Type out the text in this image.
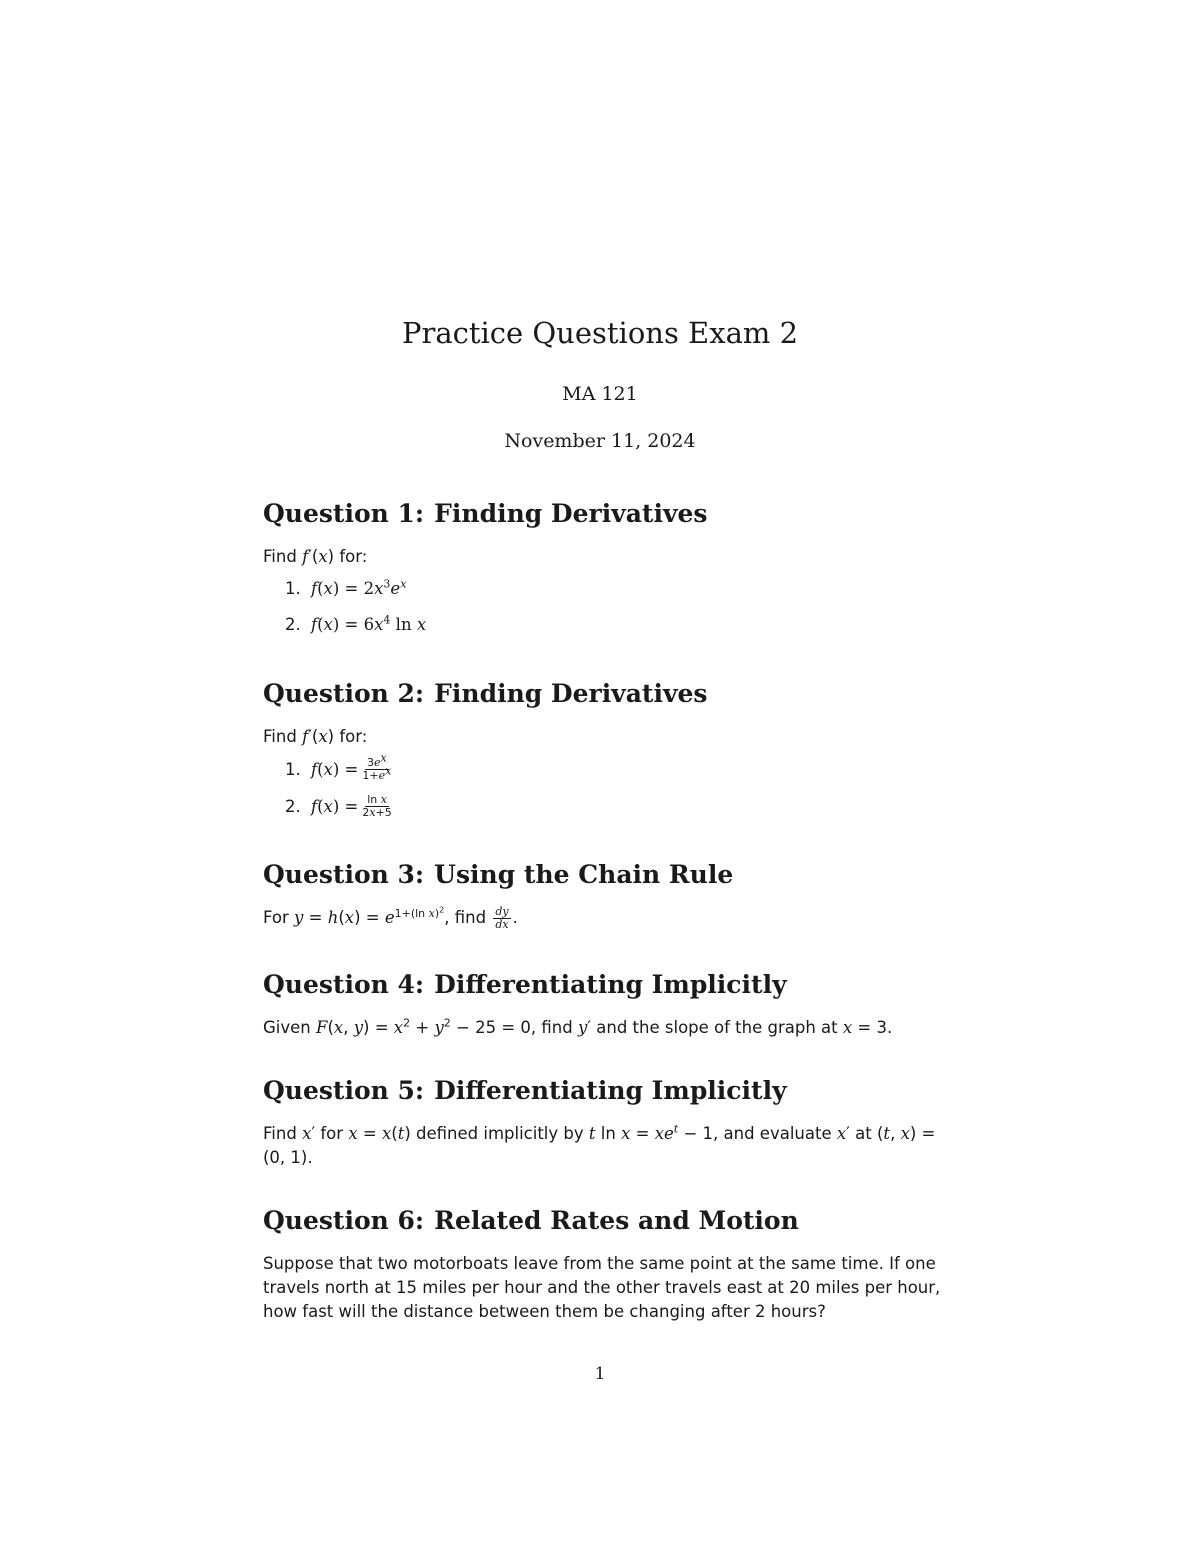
Practice Questions Exam 2
MA 121
November 11, 2024
Question 1: Finding Derivatives
Find f′(x) for:
1. $f(x) = 2x^3e^x$
2. $f(x) = 6x^4$ ln x
Question 2: Finding Derivatives
Find f′(x) for:
1. $f(x) = \frac{3e^x}{1+e^x}$
2. $f(x) = \frac{\text{ln x}}{2x+5}$
Question 3: Using the Chain Rule
For $y = h(x) = e^{1+(ln x)^2}$, find $\frac{dy}{dx}$ .
Question 4: Differentiating Implicitly
Given F(x, $y) = x^2 + y^2 - 25 = 0$, find y′ and the slope of the graph at x = 3.
Question 5: Differentiating Implicitly
Find x′ for x = x(t) defined implicitly by t $\ln x = xe^t - 1$, and evaluate x′ at (t, x) = (0, 1).
Question 6: Related Rates and Motion
Suppose that two motorboats leave from the same point at the same time. If one travels north at 15 miles per hour and the other travels east at 20 miles per hour, how fast will the distance between them be changing after 2 hours?
1
